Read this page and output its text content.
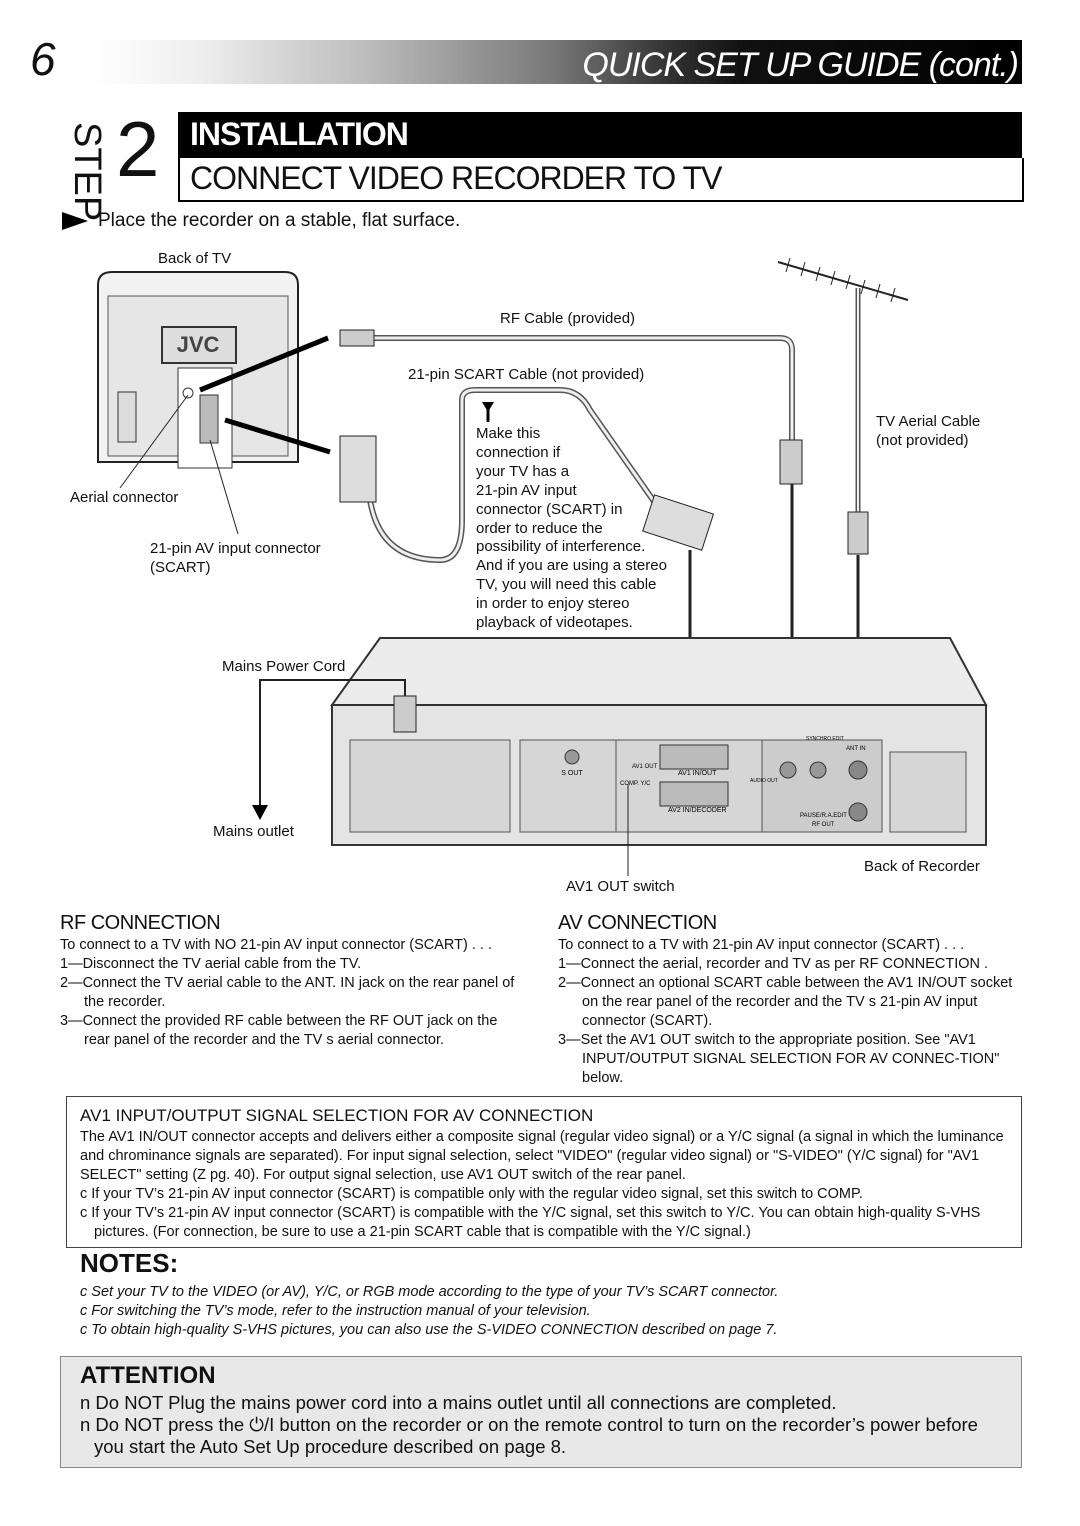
6	QUICK SET UP GUIDE (cont.)
STEP 2 INSTALLATION
CONNECT VIDEO RECORDER TO TV
Place the recorder on a stable, flat surface.
S OUT
AV1 OUT
COMP. Y/C
AV1 IN/OUT
AV2 IN/DECODER
AUDIO OUT
ANT IN
RF OUT
PAUSE/R.A.EDIT
SYNCHRO EDIT
JVC
Back of TV
RF Cable (provided)
21-pin SCART Cable (not provided)
TV Aerial Cable
(not provided)
Aerial connector
21-pin AV input connector
(SCART)
Make this
connection if
your TV has a
21-pin AV input
connector (SCART) in
order to reduce the
possibility of interference.
And if you are using a stereo
TV, you will need this cable
in order to enjoy stereo
playback of videotapes.
Mains Power Cord
Mains outlet
Back of Recorder
AV1 OUT switch
RF CONNECTION

To connect to a TV with NO 21-pin AV input connector (SCART) . . .

1—Disconnect the TV aerial cable from the TV.

2—Connect the TV aerial cable to the ANT. IN jack on the rear panel of the recorder.

3—Connect the provided RF cable between the RF OUT jack on the rear panel of the recorder and the TV s aerial connector.

AV CONNECTION

To connect to a TV with 21-pin AV input connector (SCART) . . .

1—Connect the aerial, recorder and TV as per RF CONNECTION .

2—Connect an optional SCART cable between the AV1 IN/OUT socket on the rear panel of the recorder and the TV s 21-pin AV input connector (SCART).

3—Set the AV1 OUT switch to the appropriate position. See "AV1 INPUT/OUTPUT SIGNAL SELECTION FOR AV CONNEC-TION" below.

AV1 INPUT/OUTPUT SIGNAL SELECTION FOR AV CONNECTION

The AV1 IN/OUT connector accepts and delivers either a composite signal (regular video signal) or a Y/C signal (a signal in which the luminance and chrominance signals are separated). For input signal selection, select "VIDEO" (regular video signal) or "S-VIDEO" (Y/C signal) for "AV1 SELECT" setting (Z pg. 40). For output signal selection, use AV1 OUT switch of the rear panel.

c If your TV’s 21-pin AV input connector (SCART) is compatible only with the regular video signal, set this switch to COMP.

c If your TV’s 21-pin AV input connector (SCART) is compatible with the Y/C signal, set this switch to Y/C. You can obtain high-quality S-VHS pictures. (For connection, be sure to use a 21-pin SCART cable that is compatible with the Y/C signal.)

NOTES:

c Set your TV to the VIDEO (or AV), Y/C, or RGB mode according to the type of your TV’s SCART connector.

c For switching the TV’s mode, refer to the instruction manual of your television.

c To obtain high-quality S-VHS pictures, you can also use the S-VIDEO CONNECTION described on page 7.

ATTENTION

n Do NOT Plug the mains power cord into a mains outlet until all connections are completed.

n Do NOT press the ⏻/I button on the recorder or on the remote control to turn on the recorder’s power before you start the Auto Set Up procedure described on page 8.
